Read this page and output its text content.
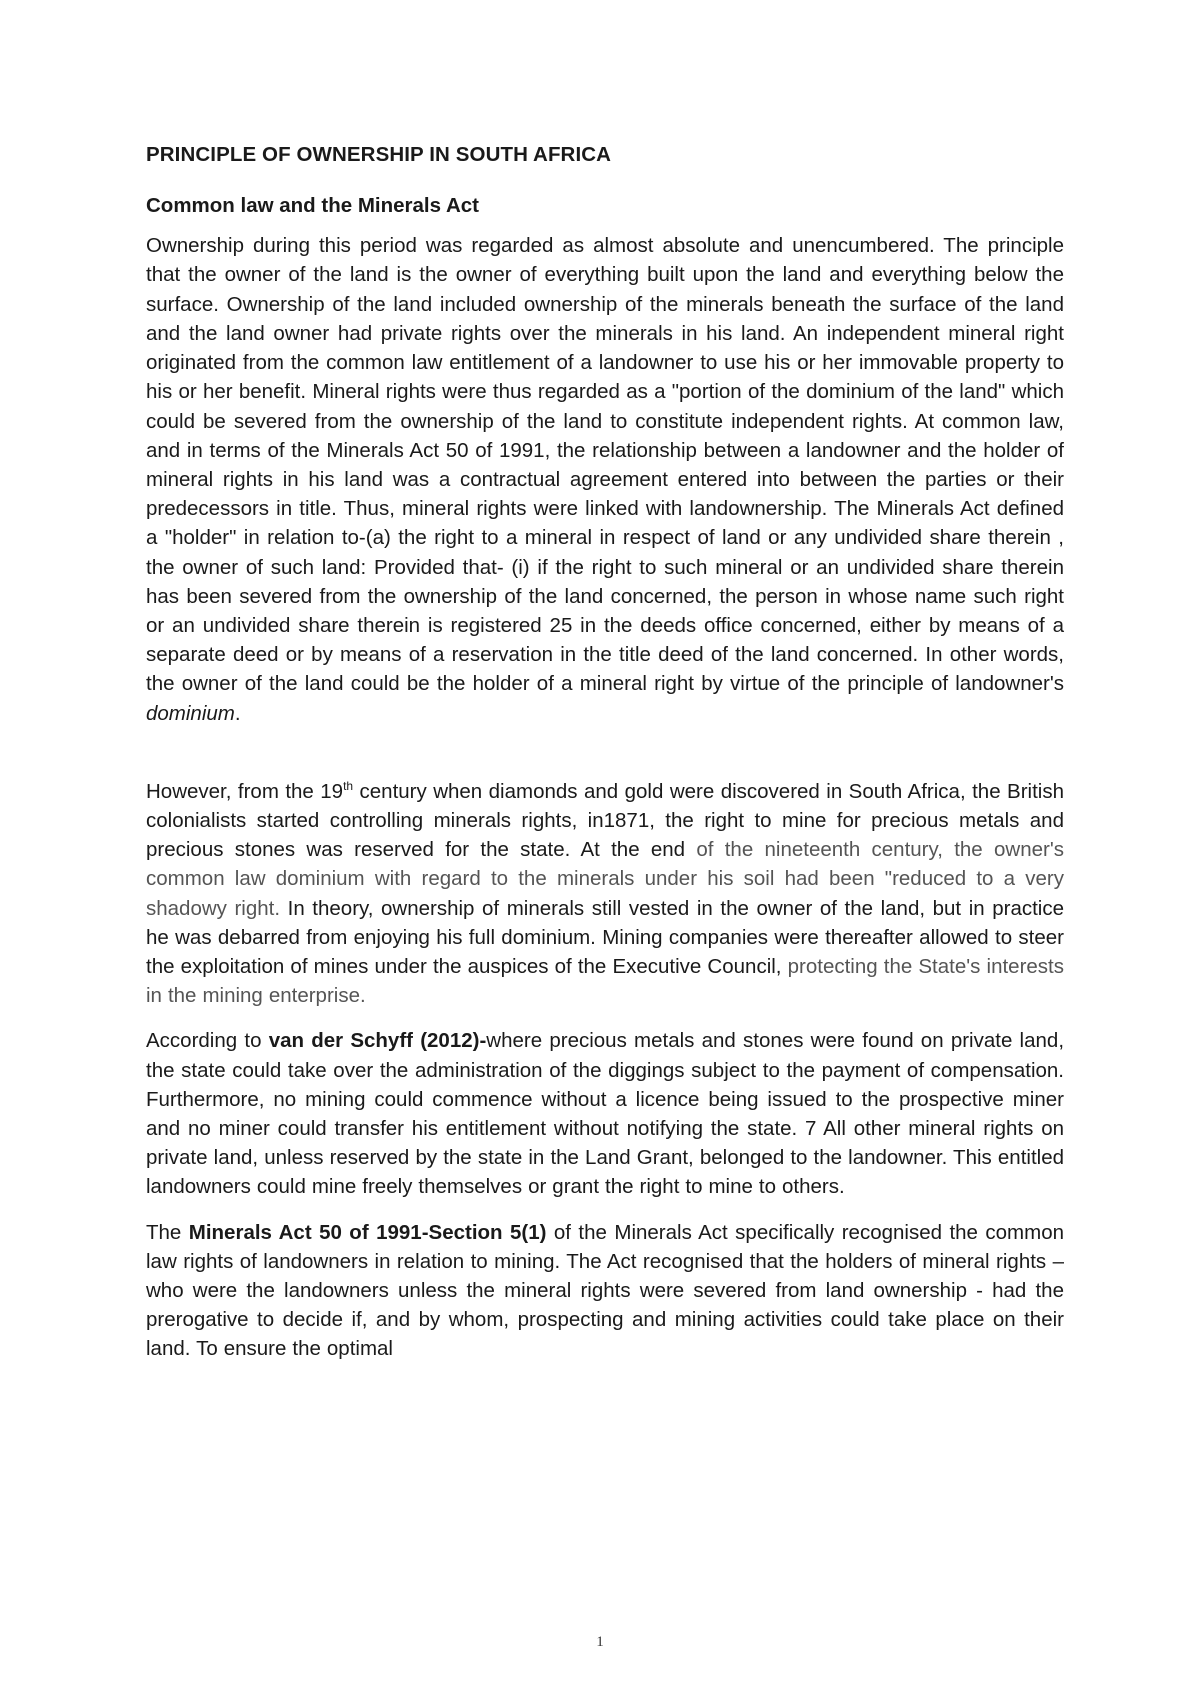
PRINCIPLE OF OWNERSHIP IN SOUTH AFRICA
Common law and the Minerals Act

Ownership during this period was regarded as almost absolute and unencumbered. The principle that the owner of the land is the owner of everything built upon the land and everything below the surface. Ownership of the land included ownership of the minerals beneath the surface of the land and the land owner had private rights over the minerals in his land. An independent mineral right originated from the common law entitlement of a landowner to use his or her immovable property to his or her benefit. Mineral rights were thus regarded as a "portion of the dominium of the land" which could be severed from the ownership of the land to constitute independent rights. At common law, and in terms of the Minerals Act 50 of 1991, the relationship between a landowner and the holder of mineral rights in his land was a contractual agreement entered into between the parties or their predecessors in title. Thus, mineral rights were linked with landownership. The Minerals Act defined a "holder" in relation to-(a) the right to a mineral in respect of land or any undivided share therein , the owner of such land: Provided that- (i) if the right to such mineral or an undivided share therein has been severed from the ownership of the land concerned, the person in whose name such right or an undivided share therein is registered 25 in the deeds office concerned, either by means of a separate deed or by means of a reservation in the title deed of the land concerned. In other words, the owner of the land could be the holder of a mineral right by virtue of the principle of landowner's dominium.

However, from the 19th century when diamonds and gold were discovered in South Africa, the British colonialists started controlling minerals rights, in1871, the right to mine for precious metals and precious stones was reserved for the state. At the end of the nineteenth century, the owner's common law dominium with regard to the minerals under his soil had been "reduced to a very shadowy right. In theory, ownership of minerals still vested in the owner of the land, but in practice he was debarred from enjoying his full dominium. Mining companies were thereafter allowed to steer the exploitation of mines under the auspices of the Executive Council, protecting the State's interests in the mining enterprise.

According to van der Schyff (2012)-where precious metals and stones were found on private land, the state could take over the administration of the diggings subject to the payment of compensation. Furthermore, no mining could commence without a licence being issued to the prospective miner and no miner could transfer his entitlement without notifying the state. 7 All other mineral rights on private land, unless reserved by the state in the Land Grant, belonged to the landowner. This entitled landowners could mine freely themselves or grant the right to mine to others.

The Minerals Act 50 of 1991-Section 5(1) of the Minerals Act specifically recognised the common law rights of landowners in relation to mining. The Act recognised that the holders of mineral rights – who were the landowners unless the mineral rights were severed from land ownership - had the prerogative to decide if, and by whom, prospecting and mining activities could take place on their land. To ensure the optimal

1
